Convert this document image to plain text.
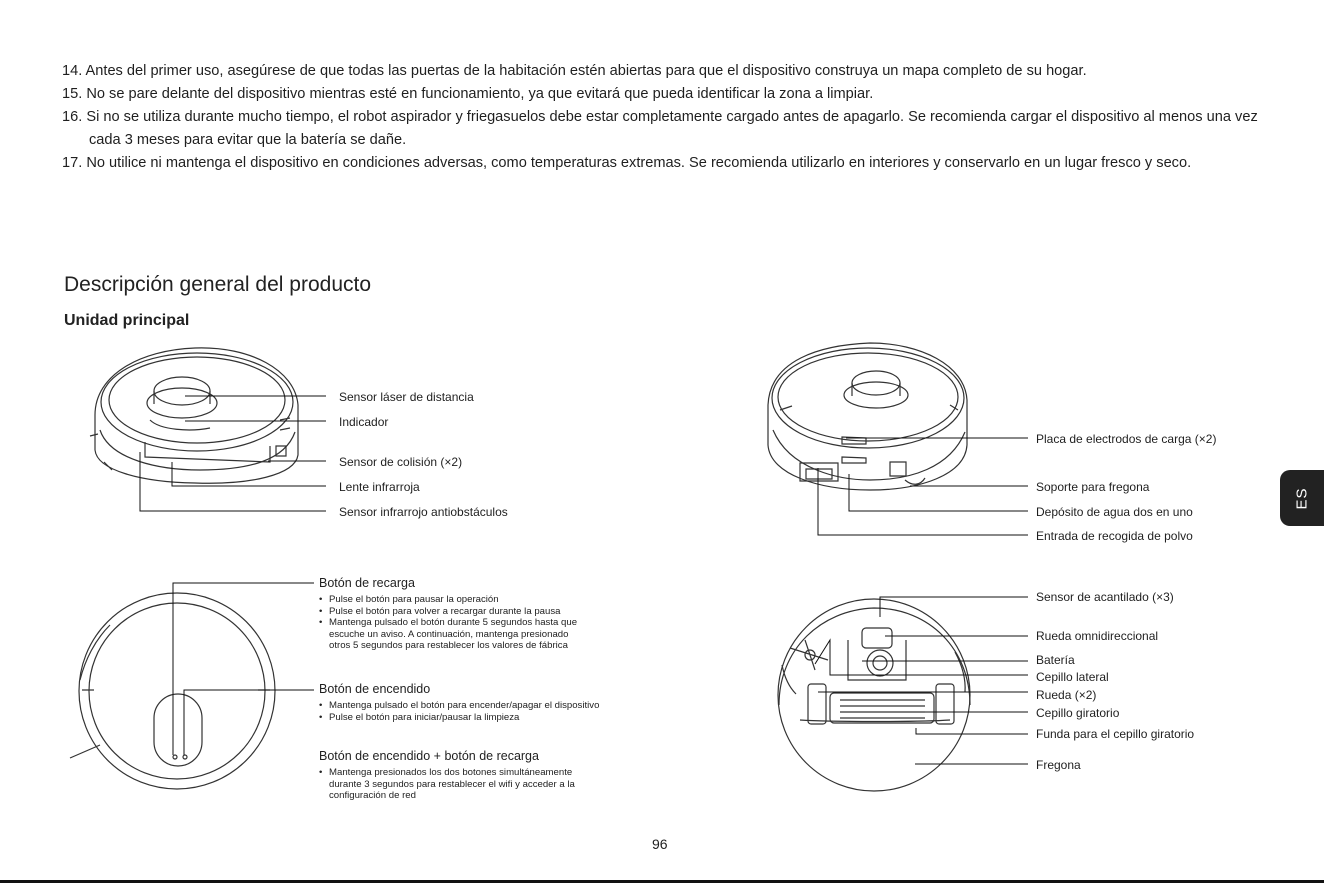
14. Antes del primer uso, asegúrese de que todas las puertas de la habitación estén abiertas para que el dispositivo construya un mapa completo de su hogar.
15. No se pare delante del dispositivo mientras esté en funcionamiento, ya que evitará que pueda identificar la zona a limpiar.
16. Si no se utiliza durante mucho tiempo, el robot aspirador y friegasuelos debe estar completamente cargado antes de apagarlo. Se recomienda cargar el dispositivo al menos una vez cada 3 meses para evitar que la batería se dañe.
17. No utilice ni mantenga el dispositivo en condiciones adversas, como temperaturas extremas. Se recomienda utilizarlo en interiores y conservarlo en un lugar fresco y seco.
Descripción general del producto
Unidad principal
Sensor láser de distancia
Indicador
Sensor de colisión (×2)
Lente infrarroja
Sensor infrarrojo antiobstáculos
Placa de electrodos de carga (×2)
Soporte para fregona
Depósito de agua dos en uno
Entrada de recogida de polvo
Botón de recarga
• Pulse el botón para pausar la operación
• Pulse el botón para volver a recargar durante la pausa
• Mantenga pulsado el botón durante 5 segundos hasta que
escuche un aviso. A continuación, mantenga presionado
otros 5 segundos para restablecer los valores de fábrica
Botón de encendido
• Mantenga pulsado el botón para encender/apagar el dispositivo
• Pulse el botón para iniciar/pausar la limpieza
Botón de encendido + botón de recarga
• Mantenga presionados los dos botones simultáneamente
durante 3 segundos para restablecer el wifi y acceder a la
configuración de red
Sensor de acantilado (×3)
Rueda omnidireccional
Batería
Cepillo lateral
Rueda (×2)
Cepillo giratorio
Funda para el cepillo giratorio
Fregona
ES
96
